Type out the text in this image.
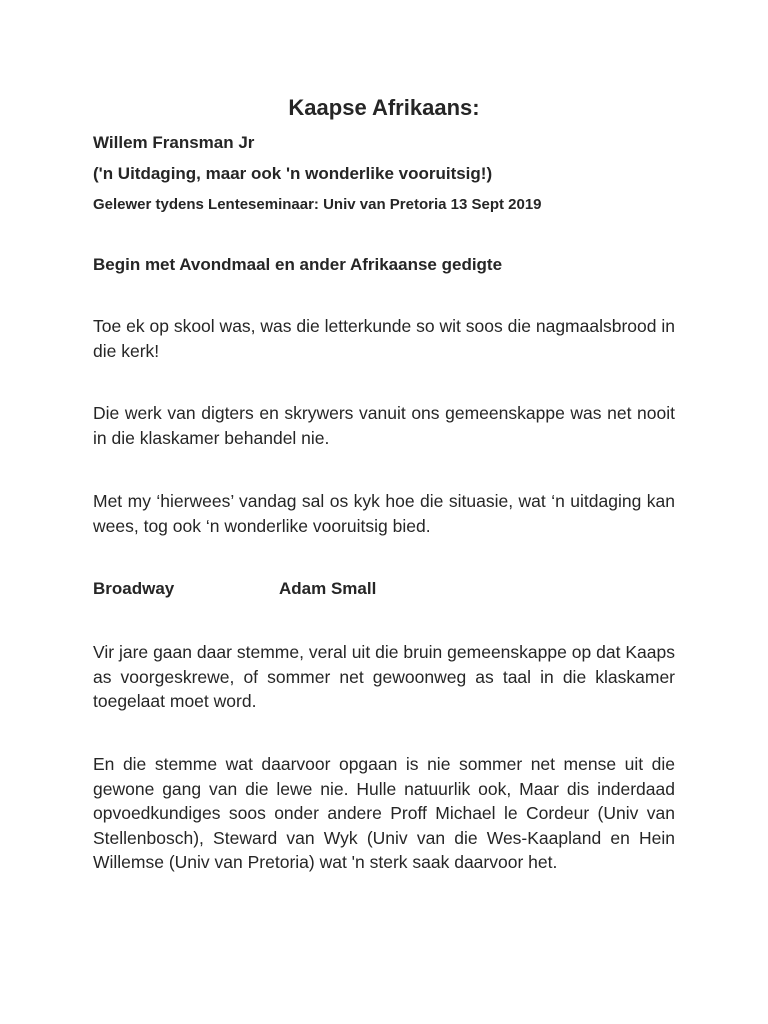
Kaapse Afrikaans:

Willem Fransman Jr

('n Uitdaging, maar ook 'n wonderlike vooruitsig!)

Gelewer tydens Lenteseminaar: Univ van Pretoria 13 Sept 2019

Begin met Avondmaal en ander Afrikaanse gedigte

Toe ek op skool was, was die letterkunde so wit soos die nagmaalsbrood in die kerk!

Die werk van digters en skrywers vanuit ons gemeenskappe was net nooit in die klaskamer behandel nie.

Met my ‘hierwees’ vandag sal os kyk hoe die situasie, wat ‘n uitdaging kan wees, tog ook ‘n wonderlike vooruitsig bied.

Broadway	Adam Small

Vir jare gaan daar stemme, veral uit die bruin gemeenskappe op dat Kaaps as voorgeskrewe, of sommer net gewoonweg as taal in die klaskamer toegelaat moet word.

En die stemme wat daarvoor opgaan is nie sommer net mense uit die gewone gang van die lewe nie. Hulle natuurlik ook, Maar dis inderdaad opvoedkundiges soos onder andere Proff Michael le Cordeur (Univ van Stellenbosch), Steward van Wyk (Univ van die Wes-Kaapland en Hein Willemse (Univ van Pretoria) wat 'n sterk saak daarvoor het.
